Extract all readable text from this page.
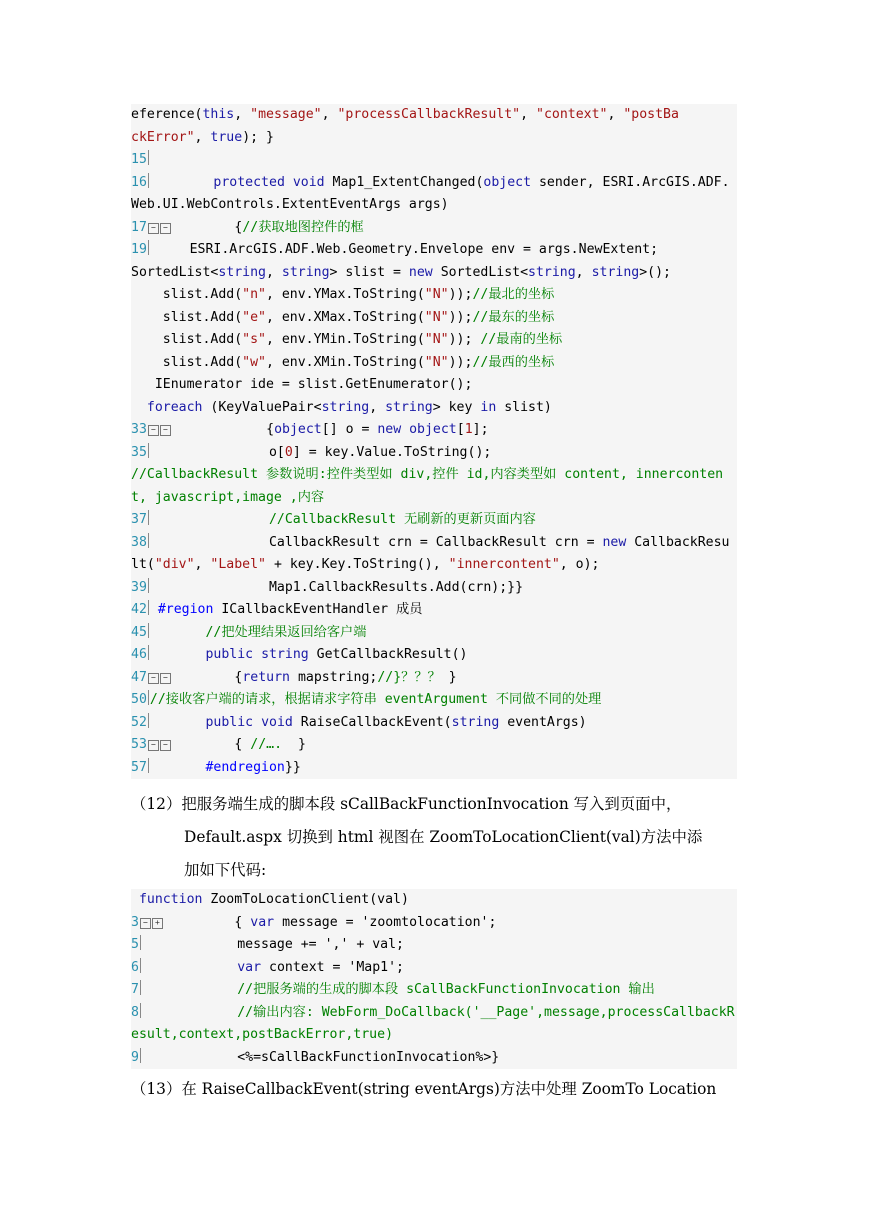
eference(this, "message", "processCallbackResult", "context", "postBa
ckError", true); }
15
16	protected void Map1_ExtentChanged(object sender, ESRI.ArcGIS.ADF.Web.UI.WebControls.ExtentEventArgs args)
17 − −        {//获取地图控件的框
19     ESRI.ArcGIS.ADF.Web.Geometry.Envelope env = args.NewExtent;
SortedList<string, string> slist = new SortedList<string, string>();
slist.Add("n", env.YMax.ToString("N"));//最北的坐标
slist.Add("e", env.XMax.ToString("N"));//最东的坐标
slist.Add("s", env.YMin.ToString("N")); //最南的坐标
slist.Add("w", env.XMin.ToString("N"));//最西的坐标
IEnumerator ide = slist.GetEnumerator();
foreach (KeyValuePair<string, string> key in slist)
33 − −            {object[] o = new object[1];
35               o[0] = key.Value.ToString();
//CallbackResult 参数说明:控件类型如 div,控件 id,内容类型如 content, innercontent, javascript,image ,内容
37	//CallbackResult 无刷新的更新页面内容
38               CallbackResult crn = CallbackResult crn = new CallbackResult("div", "Label" + key.Key.ToString(), "innercontent", o);
39               Map1.CallbackResults.Add(crn);}}
42 #region ICallbackEventHandler 成员
45	//把处理结果返回给客户端
46	public string GetCallbackResult()
47 − −        {return mapstring;//}？？？ }
50 //接收客户端的请求，根据请求字符串 eventArgument 不同做不同的处理
52	public void RaiseCallbackEvent(string eventArgs)
53 − −        { //….  }
57	#endregion}}
（12）把服务端生成的脚本段 sCallBackFunctionInvocation 写入到页面中，
Default.aspx 切换到 html 视图在 ZoomToLocationClient(val)方法中添
加如下代码:
function ZoomToLocationClient(val)
3 − +         { var message = 'zoomtolocation';
5            message += ',' + val;
6	var context = 'Map1';
7	//把服务端的生成的脚本段 sCallBackFunctionInvocation 输出
8	//输出内容: WebForm_DoCallback('__Page',message,processCallbackResult,context,postBackError,true)
9            <%=sCallBackFunctionInvocation%>}
（13）在 RaiseCallbackEvent(string eventArgs)方法中处理 ZoomTo Location
